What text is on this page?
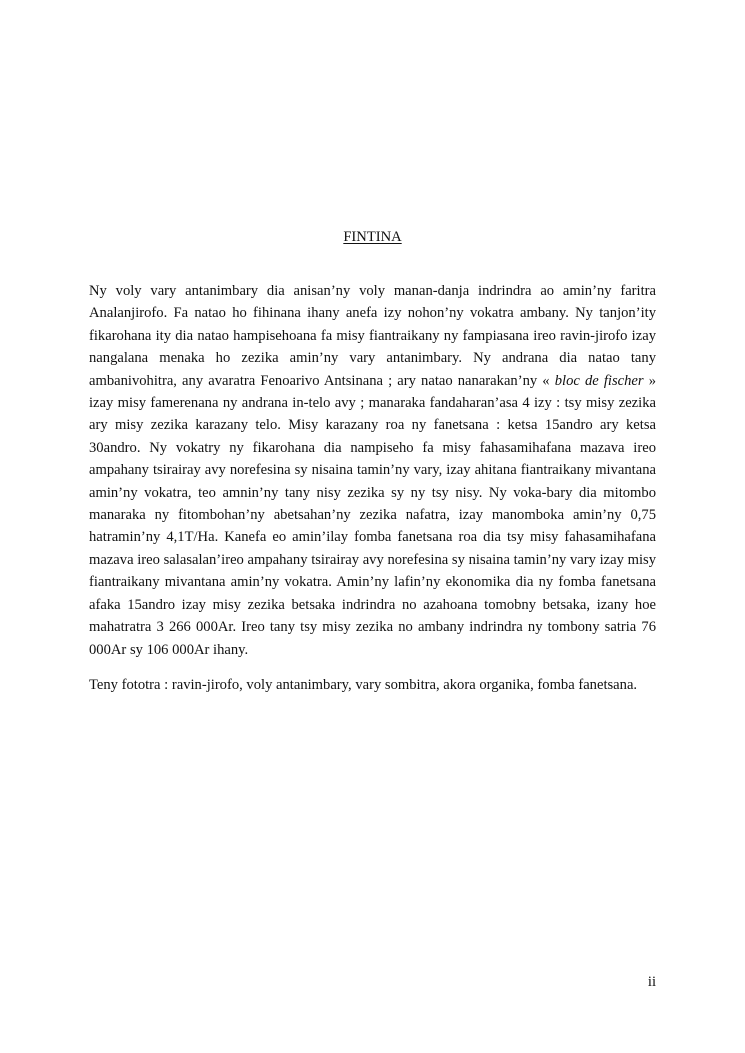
FINTINA

Ny voly vary antanimbary dia anisan’ny voly manan-danja indrindra ao amin’ny faritra Analanjirofo. Fa natao ho fihinana ihany anefa izy nohon’ny vokatra ambany. Ny tanjon’ity fikarohana ity dia natao hampisehoana fa misy fiantraikany ny fampiasana ireo ravin-jirofo izay nangalana menaka ho zezika amin’ny vary antanimbary. Ny andrana dia natao tany ambanivohitra, any avaratra Fenoarivo Antsinana ; ary natao nanarakan’ny « bloc de fischer » izay misy famerenana ny andrana in-telo avy ; manaraka fandaharan’asa 4 izy : tsy misy zezika ary misy zezika karazany telo. Misy karazany roa ny fanetsana : ketsa 15andro ary ketsa 30andro. Ny vokatry ny fikarohana dia nampiseho fa misy fahasamihafana mazava ireo ampahany tsirairay avy norefesina sy nisaina tamin’ny vary, izay ahitana fiantraikany mivantana amin’ny vokatra, teo amnin’ny tany nisy zezika sy ny tsy nisy. Ny voka-bary dia mitombo manaraka ny fitombohan’ny abetsahan’ny zezika nafatra, izay manomboka amin’ny 0,75 hatramin’ny 4,1T/Ha. Kanefa eo amin’ilay fomba fanetsana roa dia tsy misy fahasamihafana mazava ireo salasalan’ireo ampahany tsirairay avy norefesina sy nisaina tamin’ny vary izay misy fiantraikany mivantana amin’ny vokatra. Amin’ny lafin’ny ekonomika dia ny fomba fanetsana afaka 15andro izay misy zezika betsaka indrindra no azahoana tomobny betsaka, izany hoe mahatratra 3 266 000Ar. Ireo tany tsy misy zezika no ambany indrindra ny tombony satria 76 000Ar sy 106 000Ar ihany.

Teny fototra : ravin-jirofo, voly antanimbary, vary sombitra, akora organika, fomba fanetsana.

ii
